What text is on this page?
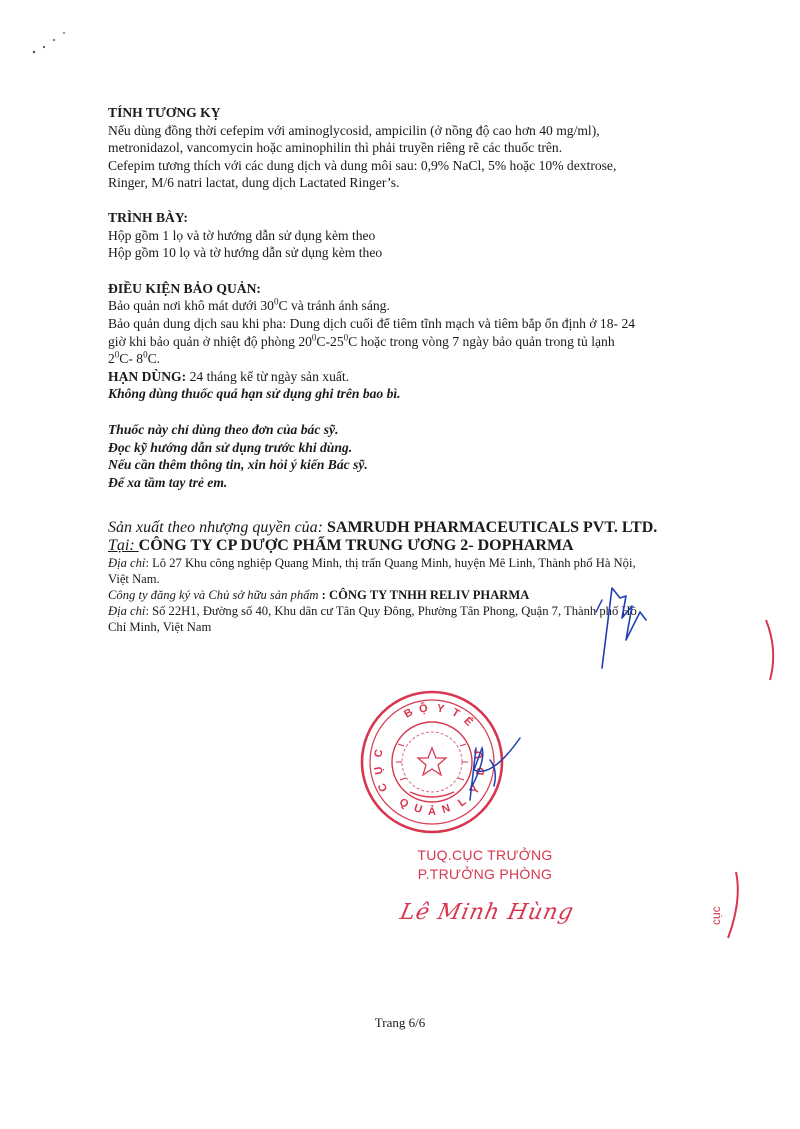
TÍNH TƯƠNG KỴ

Nếu dùng đồng thời cefepim với aminoglycosid, ampicilin (ở nồng độ cao hơn 40 mg/ml),

metronidazol, vancomycin hoặc aminophilin thì phải truyền riêng rẽ các thuốc trên.

Cefepim tương thích với các dung dịch và dung môi sau: 0,9% NaCl, 5% hoặc 10% dextrose,

Ringer, M/6 natri lactat, dung dịch Lactated Ringer’s.

TRÌNH BÀY:

Hộp gồm 1 lọ và tờ hướng dẫn sử dụng kèm theo

Hộp gồm 10 lọ và tờ hướng dẫn sử dụng kèm theo

ĐIỀU KIỆN BẢO QUẢN:

Bảo quản nơi khô mát dưới $30^0C$ và tránh ánh sáng.

Bảo quản dung dịch sau khi pha: Dung dịch cuối để tiêm tĩnh mạch và tiêm bắp ổn định ở 18- 24

giờ khi bảo quản ở nhiệt độ phòng $20^0C-25^0C$ hoặc trong vòng 7 ngày bảo quản trong tủ lạnh

$2^0C-$ $8^0C$.

HẠN DÙNG: 24 tháng kể từ ngày sản xuất.

Không dùng thuốc quá hạn sử dụng ghi trên bao bì.

Thuốc này chỉ dùng theo đơn của bác sỹ.

Đọc kỹ hướng dẫn sử dụng trước khi dùng.

Nếu cần thêm thông tin, xin hỏi ý kiến Bác sỹ.

Để xa tầm tay trẻ em.

Sản xuất theo nhượng quyền của: SAMRUDH PHARMACEUTICALS PVT. LTD.

Tại: CÔNG TY CP DƯỢC PHẨM TRUNG ƯƠNG 2- DOPHARMA

Địa chỉ: Lô 27 Khu công nghiệp Quang Minh, thị trấn Quang Minh, huyện Mê Linh, Thành phố Hà Nội,

Việt Nam.

Công ty đăng ký và Chủ sở hữu sản phẩm : CÔNG TY TNHH RELIV PHARMA

Địa chỉ: Số 22H1, Đường số 40, Khu dân cư Tân Quy Đông, Phường Tân Phong, Quận 7, Thành phố Hồ

Chí Minh, Việt Nam

B Ộ Y T
Ế
C
Ụ
C
Q U Ả N L
Ý
D
Ư
cục
TUQ.CỤC TRƯỞNG
P.TRƯỞNG PHÒNG
Lê Minh Hùng
Trang 6/6
